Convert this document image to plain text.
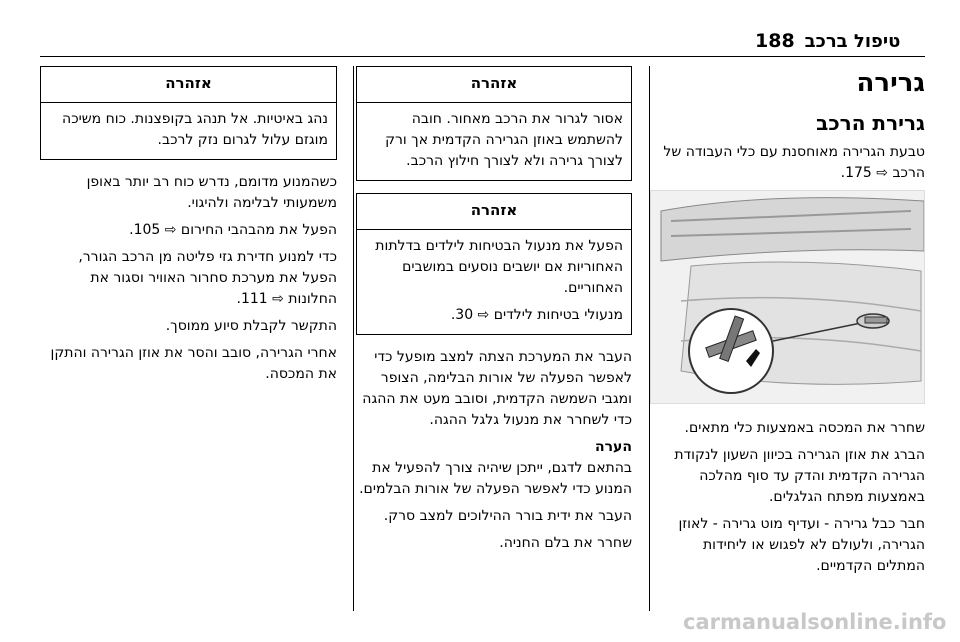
188 טיפול ברכב
גרירה
גרירת הרכב

טבעת הגרירה מאוחסנת עם כלי העבודה של הרכב ⇨ 175.

שחרר את המכסה באמצעות כלי מתאים.

הברג את אוזן הגרירה בכיוון השעון לנקודת הגרירה הקדמית והדק עד סוף מהלכה באמצעות מפתח הגלגלים.

חבר כבל גרירה - ועדיף מוט גרירה - לאוזן הגרירה, ולעולם לא לפגוש או ליחידות המתלים הקדמיים.

אזהרה

אסור לגרור את הרכב מאחור. חובה להשתמש באוזן הגרירה הקדמית אך ורק לצורך גרירה ולא לצורך חילוץ הרכב.

אזהרה

הפעל את מנעול הבטיחות לילדים בדלתות האחוריות אם יושבים נוסעים במושבים האחוריים.

מנעולי בטיחות לילדים ⇨ 30.

העבר את המערכת הצתה למצב מופעל כדי לאפשר הפעלה של אורות הבלימה, הצופר ומגבי השמשה הקדמית, וסובב מעט את ההגה כדי לשחרר את מנעול גלגל ההגה.

הערה

בהתאם לדגם, ייתכן שיהיה צורך להפעיל את המנוע כדי לאפשר הפעלה של אורות הבלמים.

העבר את ידית בורר ההילוכים למצב סרק.

שחרר את בלם החניה.

אזהרה

נהג באיטיות. אל תנהג בקופצנות. כוח משיכה מוגזם עלול לגרום נזק לרכב.

כשהמנוע מדומם, נדרש כוח רב יותר באופן משמעותי לבלימה ולהיגוי.

הפעל את מהבהבי החירום ⇨ 105.

כדי למנוע חדירת גזי פליטה מן הרכב הגורר, הפעל את מערכת סחרור האוויר וסגור את החלונות ⇨ 111.

התקשר לקבלת סיוע ממוסך.

אחרי הגרירה, סובב והסר את אוזן הגרירה והתקן את המכסה.

carmanualsonline.info
